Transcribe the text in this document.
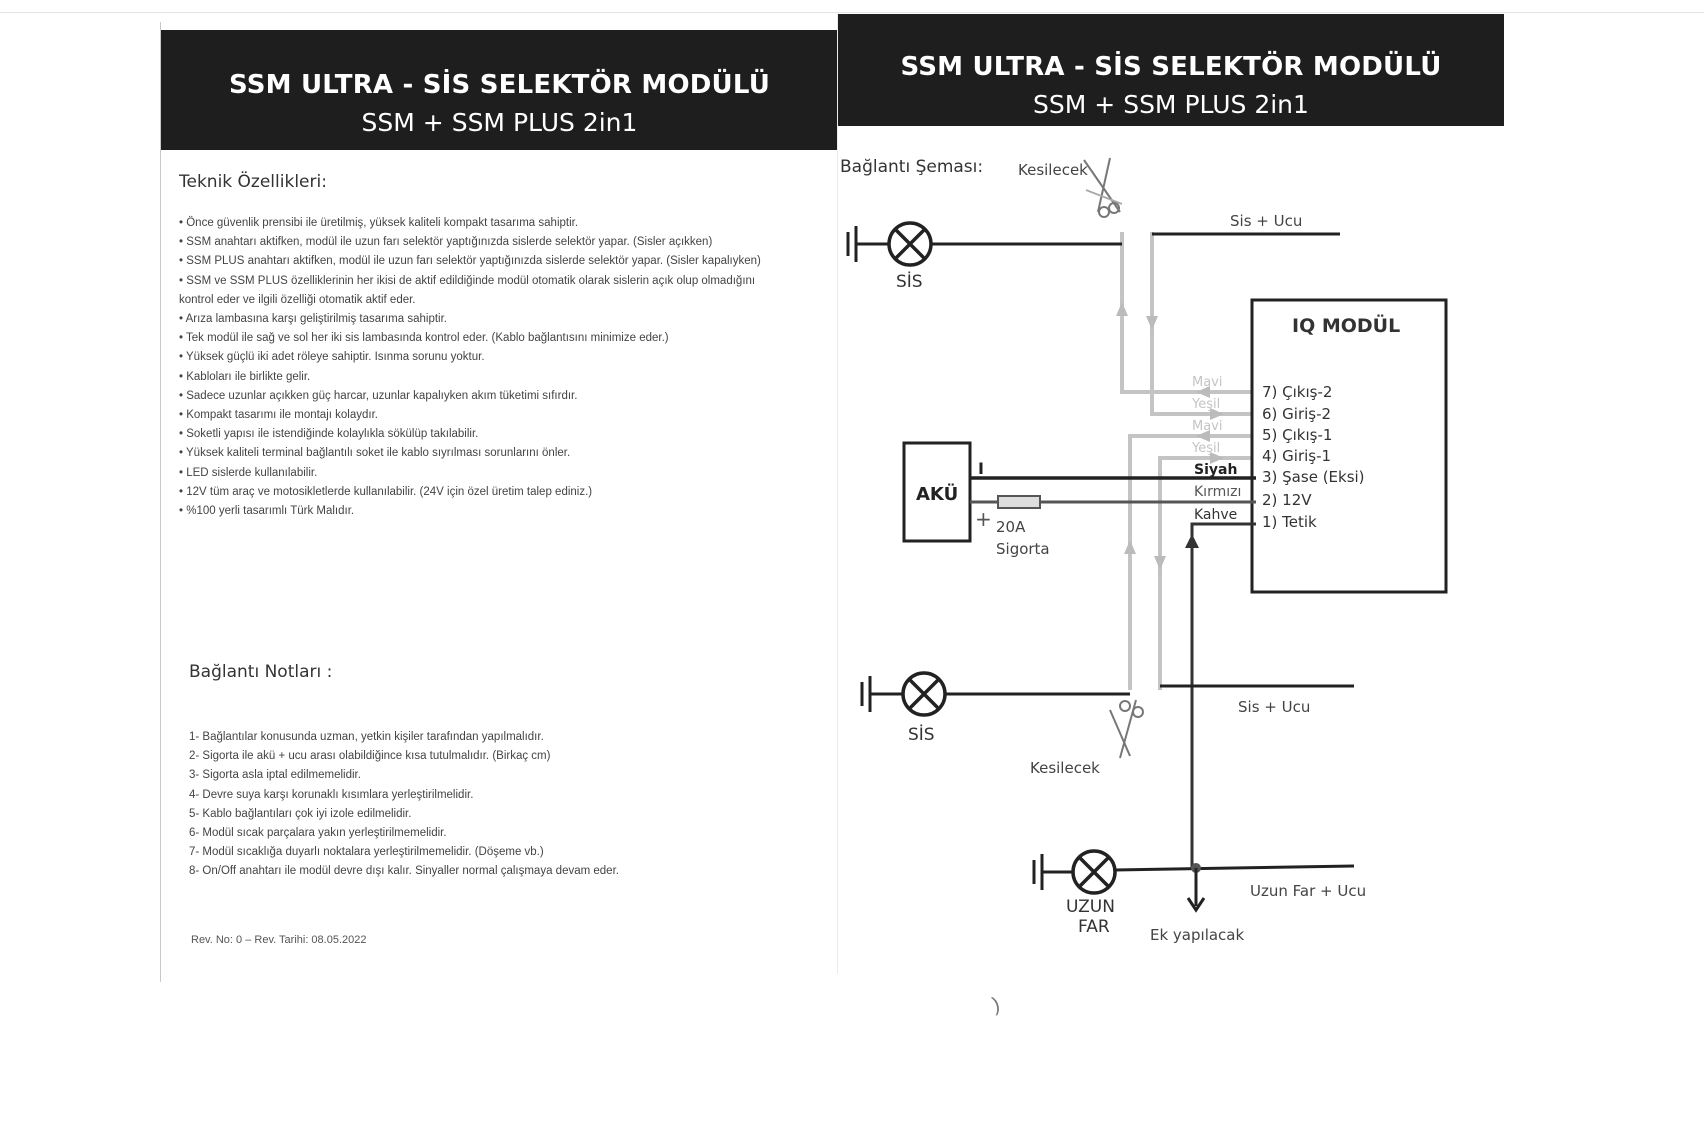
SSM ULTRA - SİS SELEKTÖR MODÜLÜ
SSM + SSM PLUS 2in1
Teknik Özellikleri:
• Önce güvenlik prensibi ile üretilmiş, yüksek kaliteli kompakt tasarıma sahiptir.
• SSM anahtarı aktifken, modül ile uzun farı selektör yaptığınızda sislerde selektör yapar. (Sisler açıkken)
• SSM PLUS anahtarı aktifken, modül ile uzun farı selektör yaptığınızda sislerde selektör yapar. (Sisler kapalıyken)
• SSM ve SSM PLUS özelliklerinin her ikisi de aktif edildiğinde modül otomatik olarak sislerin açık olup olmadığını kontrol eder ve ilgili özelliği otomatik aktif eder.
• Arıza lambasına karşı geliştirilmiş tasarıma sahiptir.
• Tek modül ile sağ ve sol her iki sis lambasında kontrol eder. (Kablo bağlantısını minimize eder.)
• Yüksek güçlü iki adet röleye sahiptir. Isınma sorunu yoktur.
• Kabloları ile birlikte gelir.
• Sadece uzunlar açıkken güç harcar, uzunlar kapalıyken akım tüketimi sıfırdır.
• Kompakt tasarımı ile montajı kolaydır.
• Soketli yapısı ile istendiğinde kolaylıkla sökülüp takılabilir.
• Yüksek kaliteli terminal bağlantılı soket ile kablo sıyrılması sorunlarını önler.
• LED sislerde kullanılabilir.
• 12V tüm araç ve motosikletlerde kullanılabilir. (24V için özel üretim talep ediniz.)
• %100 yerli tasarımlı Türk Malıdır.
Bağlantı Notları :
1- Bağlantılar konusunda uzman, yetkin kişiler tarafından yapılmalıdır.
2- Sigorta ile akü + ucu arası olabildiğince kısa tutulmalıdır. (Birkaç cm)
3- Sigorta asla iptal edilmemelidir.
4- Devre suya karşı korunaklı kısımlara yerleştirilmelidir.
5- Kablo bağlantıları çok iyi izole edilmelidir.
6- Modül sıcak parçalara yakın yerleştirilmemelidir.
7- Modül sıcaklığa duyarlı noktalara yerleştirilmemelidir. (Döşeme vb.)
8- On/Off anahtarı ile modül devre dışı kalır. Sinyaller normal çalışmaya devam eder.
Rev. No: 0 – Rev. Tarihi: 08.05.2022
SSM ULTRA - SİS SELEKTÖR MODÜLÜ
SSM + SSM PLUS 2in1
Bağlantı Şeması: Kesilecek
Kesilecek
SİS
Sis + Ucu
IQ MODÜL
7) Çıkış-2
6) Giriş-2
5) Çıkış-1
4) Giriş-1
3) Şase (Eksi)
2) 12V
1) Tetik
Mavi
Yeşil
Mavi
Yeşil
Siyah
Kırmızı
Kahve
AKÜ
I
+ 20A
Sigorta
SİS
Sis + Ucu
UZUN
FAR
Uzun Far + Ucu
Ek yapılacak
)
